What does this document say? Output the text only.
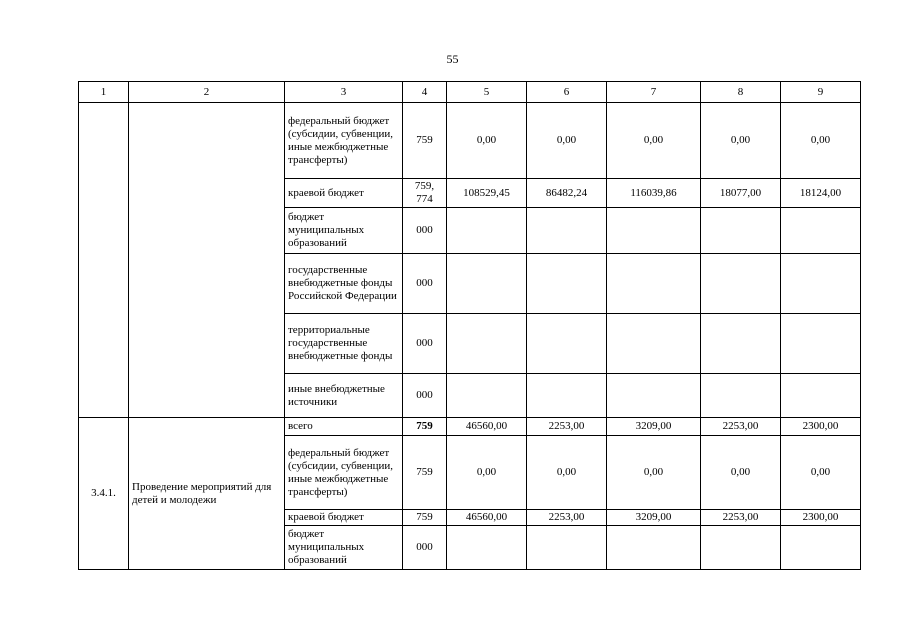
55
1	2	3	4	5	6	7	8	9
		федеральный бюджет (субсидии, субвенции, иные межбюджетные трансферты)	759	0,00	0,00	0,00	0,00	0,00
		краевой бюджет	759, 774	108529,45	86482,24	116039,86	18077,00	18124,00
		бюджет муниципальных образований	000					
		государственные внебюджетные фонды Российской Федерации	000					
		территориальные государственные внебюджетные фонды	000					
		иные внебюджетные источники	000					
3.4.1.	Проведение мероприятий для детей и молодежи	всего	759	46560,00	2253,00	3209,00	2253,00	2300,00
		федеральный бюджет (субсидии, субвенции, иные межбюджетные трансферты)	759	0,00	0,00	0,00	0,00	0,00
		краевой бюджет	759	46560,00	2253,00	3209,00	2253,00	2300,00
		бюджет муниципальных образований	000					
